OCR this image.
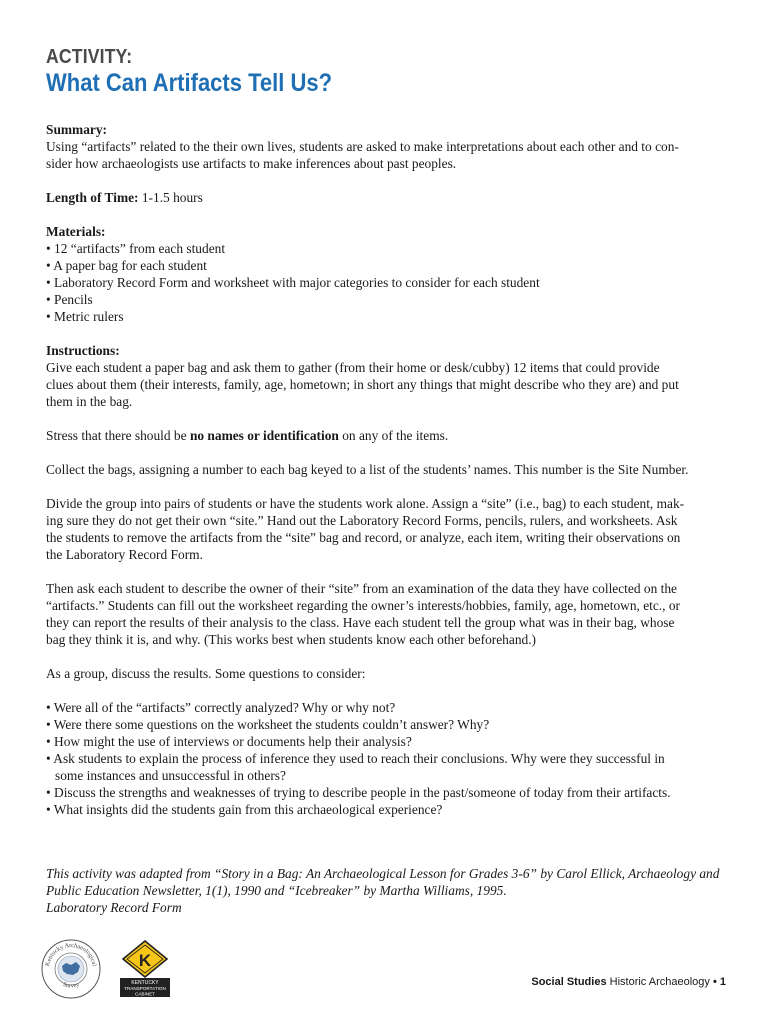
ACTIVITY:
What Can Artifacts Tell Us?

Summary:

Using “artifacts” related to the their own lives, students are asked to make interpretations about each other and to con-

sider how archaeologists use artifacts to make inferences about past peoples.

Length of Time: 1-1.5 hours

Materials:

• 12 “artifacts” from each student

• A paper bag for each student

• Laboratory Record Form and worksheet with major categories to consider for each student

• Pencils

• Metric rulers

Instructions:

Give each student a paper bag and ask them to gather (from their home or desk/cubby) 12 items that could provide

clues about them (their interests, family, age, hometown; in short any things that might describe who they are) and put

them in the bag.

Stress that there should be no names or identification on any of the items.

Collect the bags, assigning a number to each bag keyed to a list of the students’ names. This number is the Site Number.

Divide the group into pairs of students or have the students work alone. Assign a “site” (i.e., bag) to each student, mak-

ing sure they do not get their own “site.” Hand out the Laboratory Record Forms, pencils, rulers, and worksheets. Ask

the students to remove the artifacts from the “site” bag and record, or analyze, each item, writing their observations on

the Laboratory Record Form.

Then ask each student to describe the owner of their “site” from an examination of the data they have collected on the

“artifacts.” Students can fill out the worksheet regarding the owner’s interests/hobbies, family, age, hometown, etc., or

they can report the results of their analysis to the class. Have each student tell the group what was in their bag, whose

bag they think it is, and why. (This works best when students know each other beforehand.)

As a group, discuss the results. Some questions to consider:

• Were all of the “artifacts” correctly analyzed? Why or why not?

• Were there some questions on the worksheet the students couldn’t answer? Why?

• How might the use of interviews or documents help their analysis?

• Ask students to explain the process of inference they used to reach their conclusions. Why were they successful in

some instances and unsuccessful in others?

• Discuss the strengths and weaknesses of trying to describe people in the past/someone of today from their artifacts.

• What insights did the students gain from this archaeological experience?

This activity was adapted from “Story in a Bag: An Archaeological Lesson for Grades 3-6” by Carol Ellick, Archaeology and

Public Education Newsletter, 1(1), 1990 and “Icebreaker” by Martha Williams, 1995.

Laboratory Record Form

Kentucky Archaeological
Survey
K
KENTUCKY
TRANSPORTATION
CABINET
Social Studies Historic Archaeology • 1
